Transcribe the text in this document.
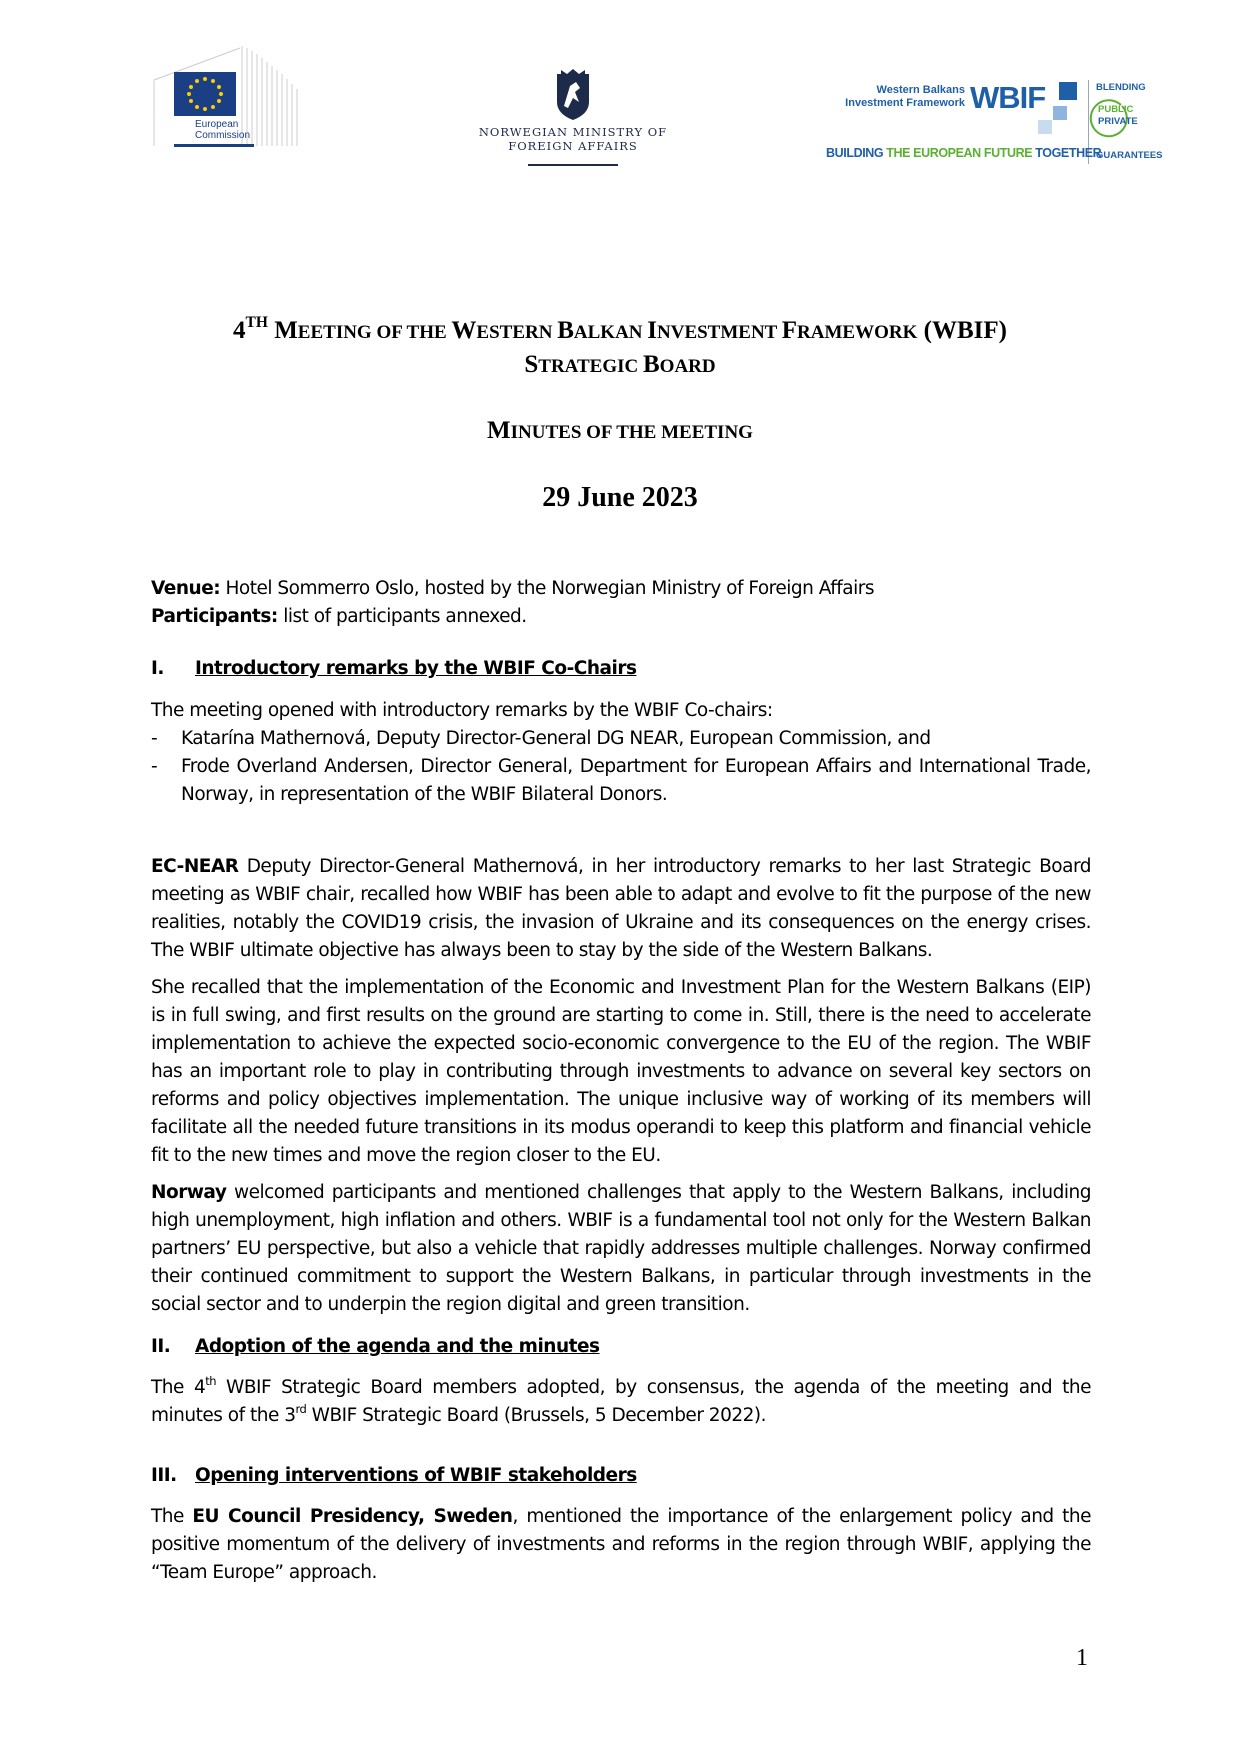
European
Commission	NORWEGIAN MINISTRY OF FOREIGN AFFAIRS
Western Balkans
Investment Framework WBIF
BUILDING THE EUROPEAN FUTURE TOGETHER
BLENDING
PUBLIC
PRIVATE
GUARANTEES
4TH MEETING OF THE WESTERN BALKAN INVESTMENT FRAMEWORK (WBIF)
STRATEGIC BOARD
MINUTES OF THE MEETING
29 June 2023
Venue: Hotel Sommerro Oslo, hosted by the Norwegian Ministry of Foreign Affairs
Participants: list of participants annexed.
I. Introductory remarks by the WBIF Co-Chairs
The meeting opened with introductory remarks by the WBIF Co-chairs:
- Katarína Mathernová, Deputy Director-General DG NEAR, European Commission, and
- Frode Overland Andersen, Director General, Department for European Affairs and International Trade, Norway, in representation of the WBIF Bilateral Donors.
EC-NEAR Deputy Director-General Mathernová, in her introductory remarks to her last Strategic Board meeting as WBIF chair, recalled how WBIF has been able to adapt and evolve to fit the purpose of the new realities, notably the COVID19 crisis, the invasion of Ukraine and its consequences on the energy crises. The WBIF ultimate objective has always been to stay by the side of the Western Balkans.
She recalled that the implementation of the Economic and Investment Plan for the Western Balkans (EIP) is in full swing, and first results on the ground are starting to come in. Still, there is the need to accelerate implementation to achieve the expected socio-economic convergence to the EU of the region. The WBIF has an important role to play in contributing through investments to advance on several key sectors on reforms and policy objectives implementation. The unique inclusive way of working of its members will facilitate all the needed future transitions in its modus operandi to keep this platform and financial vehicle fit to the new times and move the region closer to the EU.
Norway welcomed participants and mentioned challenges that apply to the Western Balkans, including high unemployment, high inflation and others. WBIF is a fundamental tool not only for the Western Balkan partners’ EU perspective, but also a vehicle that rapidly addresses multiple challenges. Norway confirmed their continued commitment to support the Western Balkans, in particular through investments in the social sector and to underpin the region digital and green transition.
II. Adoption of the agenda and the minutes
The 4th WBIF Strategic Board members adopted, by consensus, the agenda of the meeting and the minutes of the 3rd WBIF Strategic Board (Brussels, 5 December 2022).
III. Opening interventions of WBIF stakeholders
The EU Council Presidency, Sweden, mentioned the importance of the enlargement policy and the positive momentum of the delivery of investments and reforms in the region through WBIF, applying the “Team Europe” approach.
1
